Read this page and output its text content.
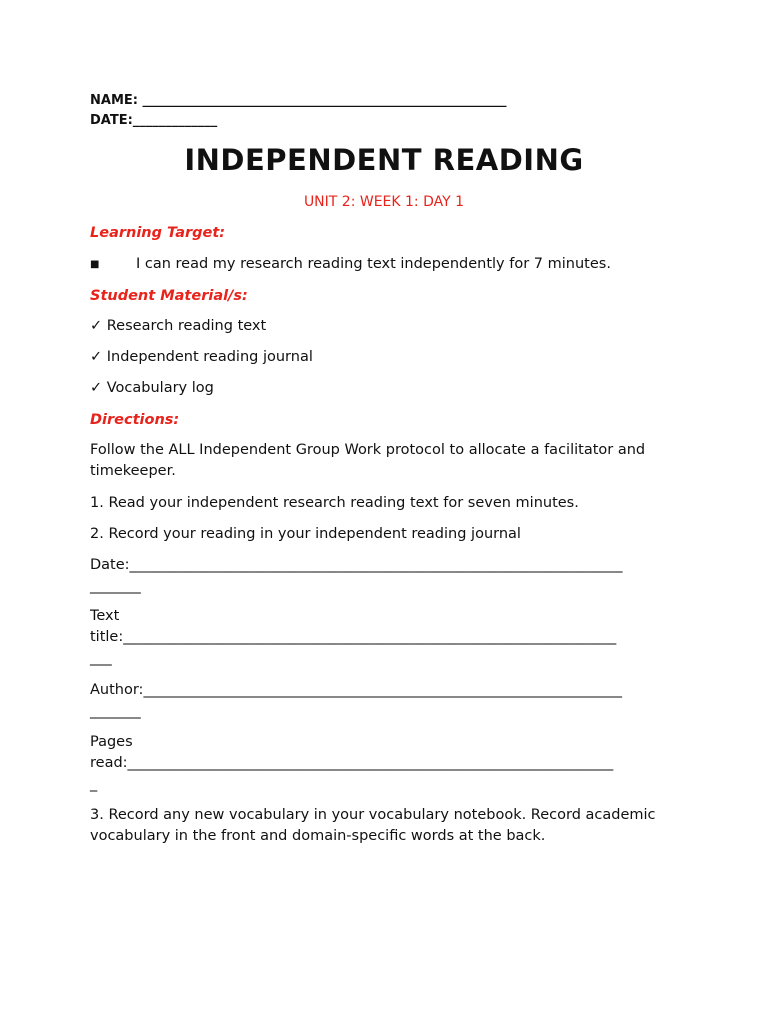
NAME: ________________________________________________________
DATE:_____________
INDEPENDENT READING
UNIT 2: WEEK 1: DAY 1
Learning Target:
■	I can read my research reading text independently for 7 minutes.
Student Material/s:
✓ Research reading text
✓ Independent reading journal
✓ Vocabulary log
Directions:
Follow the ALL Independent Group Work protocol to allocate a facilitator and timekeeper.
1. Read your independent research reading text for seven minutes.
2. Record your reading in your independent reading journal
Date:____________________________________________________________________
_______
Text
title:____________________________________________________________________
___
Author:__________________________________________________________________
_______
Pages
read:___________________________________________________________________
_
3. Record any new vocabulary in your vocabulary notebook. Record academic vocabulary in the front and domain-specific words at the back.
